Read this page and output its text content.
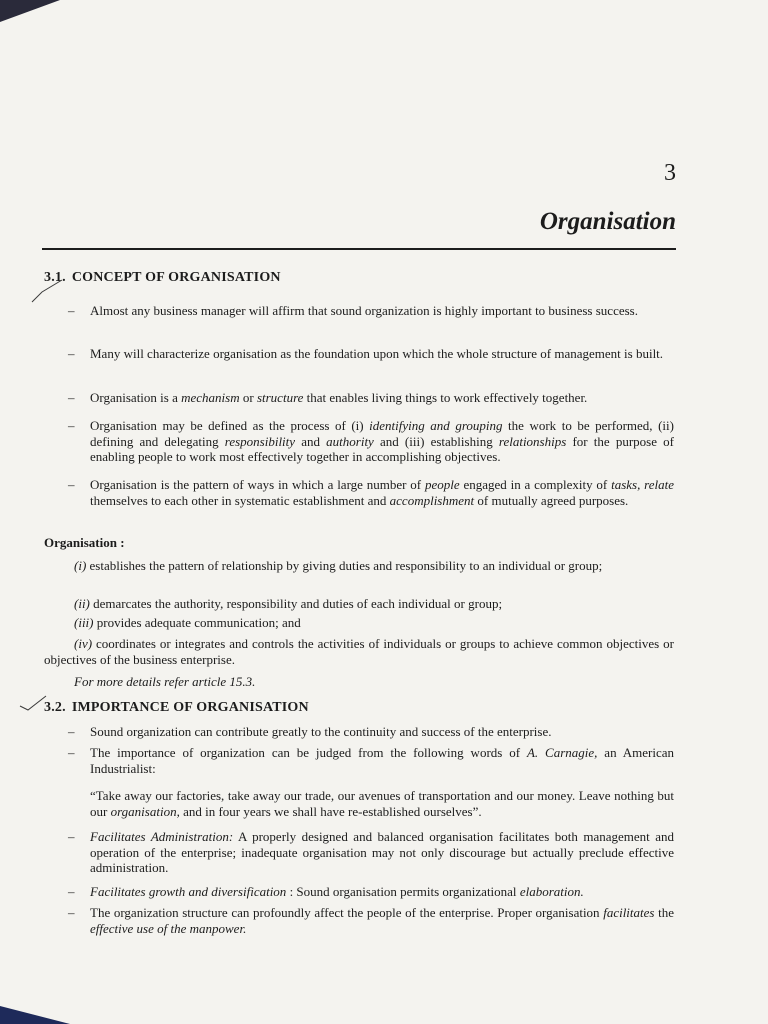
3
Organisation
3.1. CONCEPT OF ORGANISATION
– Almost any business manager will affirm that sound organization is highly important to business success.
– Many will characterize organisation as the foundation upon which the whole structure of management is built.
– Organisation is a mechanism or structure that enables living things to work effectively together.
– Organisation may be defined as the process of (i) identifying and grouping the work to be performed, (ii) defining and delegating responsibility and authority and (iii) establishing relationships for the purpose of enabling people to work most effectively together in accomplishing objectives.
– Organisation is the pattern of ways in which a large number of people engaged in a complexity of tasks, relate themselves to each other in systematic establishment and accomplishment of mutually agreed purposes.
Organisation :
(i) establishes the pattern of relationship by giving duties and responsibility to an individual or group;
(ii) demarcates the authority, responsibility and duties of each individual or group;
(iii) provides adequate communication; and
(iv) coordinates or integrates and controls the activities of individuals or groups to achieve common objectives or objectives of the business enterprise.
For more details refer article 15.3.
3.2. IMPORTANCE OF ORGANISATION
– Sound organization can contribute greatly to the continuity and success of the enterprise.
– The importance of organization can be judged from the following words of A. Carnagie, an American Industrialist:
“Take away our factories, take away our trade, our avenues of transportation and our money. Leave nothing but our organisation, and in four years we shall have re-established ourselves”.
– Facilitates Administration: A properly designed and balanced organisation facilitates both management and operation of the enterprise; inadequate organisation may not only discourage but actually preclude effective administration.
– Facilitates growth and diversification : Sound organisation permits organizational elaboration.
– The organization structure can profoundly affect the people of the enterprise. Proper organisation facilitates the effective use of the manpower.
